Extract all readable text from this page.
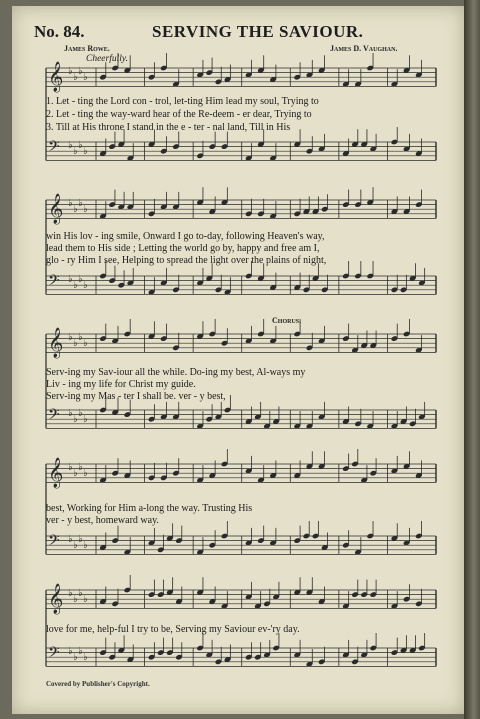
No. 84.	SERVING THE SAVIOUR.
James Rowe.	James D. Vaughan.
Cheerfully.
Chorus.
𝄞 ♭
♭
♭
♭
𝄢 ♭
♭
♭
♭
𝄞 ♭
♭
♭
♭
𝄢 ♭
♭
♭
♭
𝄞 ♭
♭
♭
♭
𝄢 ♭
♭
♭
♭
𝄞 ♭
♭
♭
♭
𝄢 ♭
♭
♭
♭
𝄞 ♭
♭
♭
♭
𝄢 ♭
♭
♭
♭
1. Let - ting the Lord con - trol, let-ting Him lead my soul, Trying to
2. Let - ting the way-ward hear of the Re-deem - er dear, Trying to
3. Till at His throne I stand in the e - ter - nal land, Till in His
win His lov - ing smile, Onward I go to-day, following Heaven's way,
lead them to His side ; Letting the world go by, happy and free am I,
glo - ry Him I see, Helping to spread the light over the plains of night,
Serv-ing my Sav-iour all the while. Do-ing my best, Al-ways my
Liv - ing my life for Christ my guide.
Serv-ing my Mas - ter I shall be. ver - y best,
best, Working for Him a-long the way. Trusting His
ver - y best, homeward way.
love for me, help-ful I try to be, Serving my Saviour ev-'ry day.
Covered by Publisher's Copyright.
